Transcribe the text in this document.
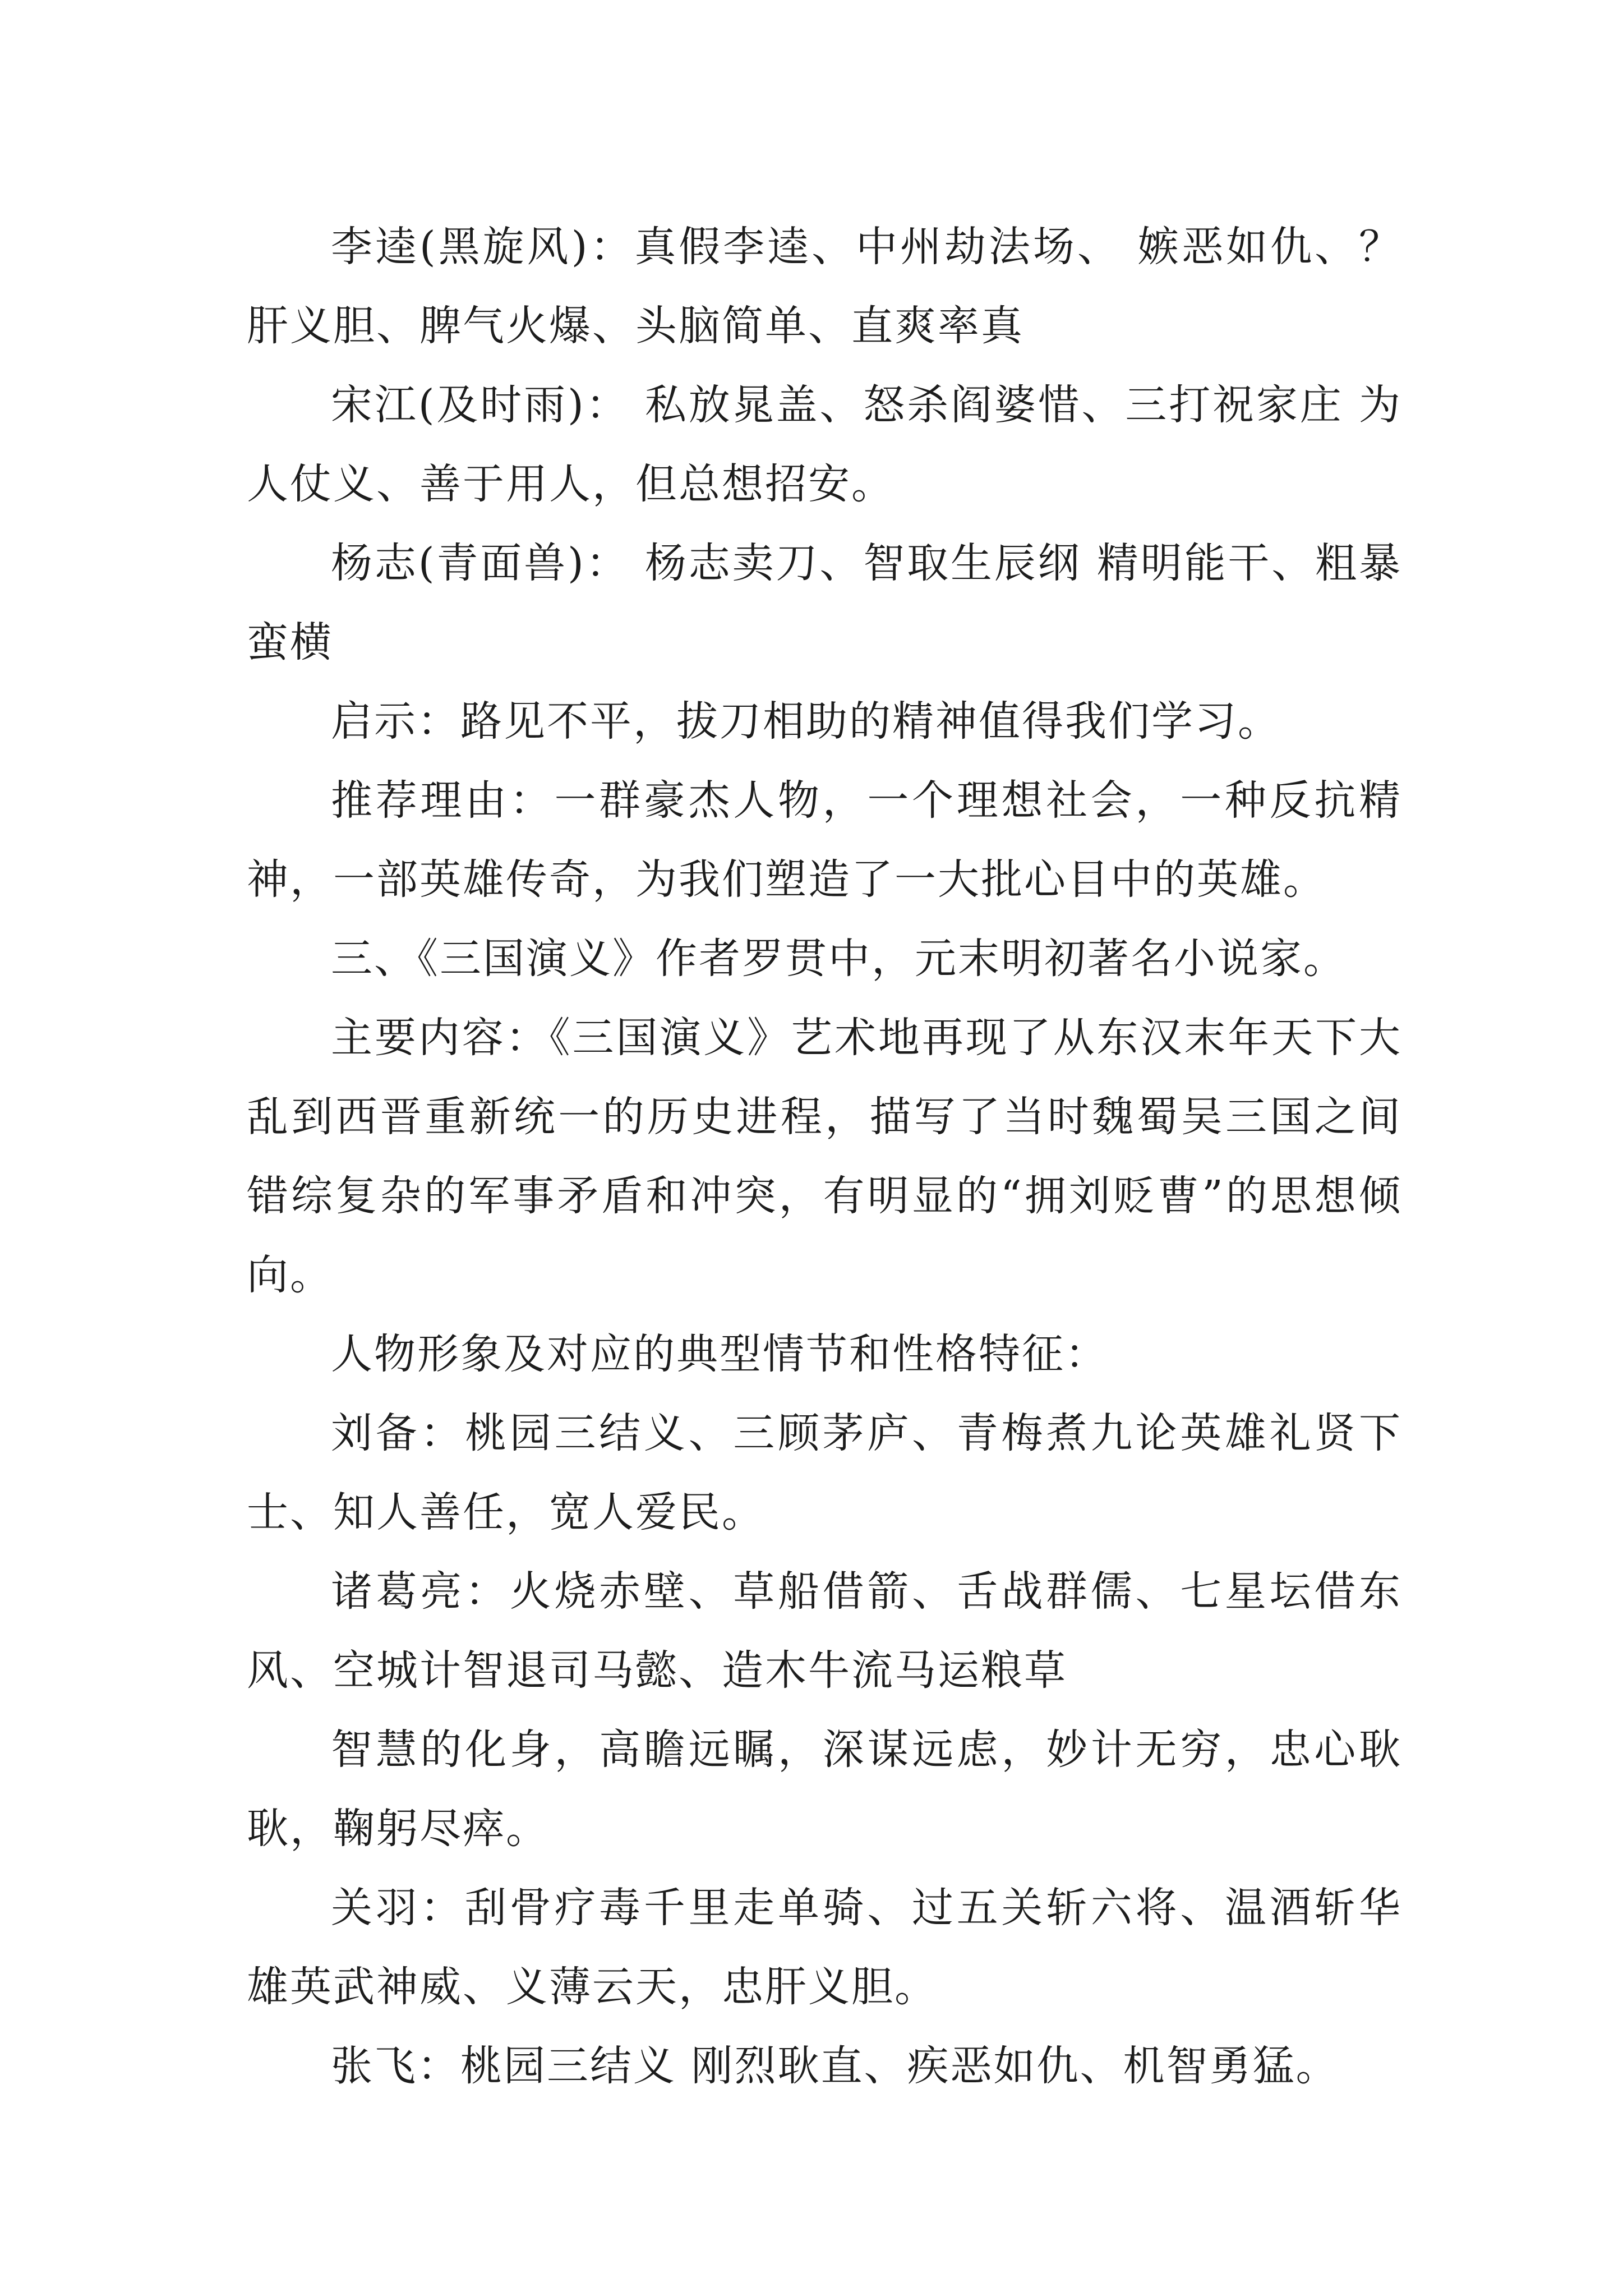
李逵(黑旋风)：真假李逵、中州劫法场、 嫉恶如仇、？肝义胆、脾气火爆、头脑简单、直爽率真

宋江(及时雨)： 私放晁盖、怒杀阎婆惜、三打祝家庄 为人仗义、善于用人，但总想招安。

杨志(青面兽)： 杨志卖刀、智取生辰纲 精明能干、粗暴蛮横

启示：路见不平，拔刀相助的精神值得我们学习。

推荐理由：一群豪杰人物，一个理想社会，一种反抗精神，一部英雄传奇，为我们塑造了一大批心目中的英雄。

三、《三国演义》作者罗贯中，元末明初著名小说家。

主要内容：《三国演义》艺术地再现了从东汉末年天下大乱到西晋重新统一的历史进程，描写了当时魏蜀吴三国之间错综复杂的军事矛盾和冲突，有明显的“拥刘贬曹”的思想倾向。

人物形象及对应的典型情节和性格特征：

刘备：桃园三结义、三顾茅庐、青梅煮九论英雄礼贤下士、知人善任，宽人爱民。

诸葛亮：火烧赤壁、草船借箭、舌战群儒、七星坛借东风、空城计智退司马懿、造木牛流马运粮草

智慧的化身，高瞻远瞩，深谋远虑，妙计无穷，忠心耿耿，鞠躬尽瘁。

关羽：刮骨疗毒千里走单骑、过五关斩六将、温酒斩华雄英武神威、义薄云天，忠肝义胆。

张飞：桃园三结义 刚烈耿直、疾恶如仇、机智勇猛。
